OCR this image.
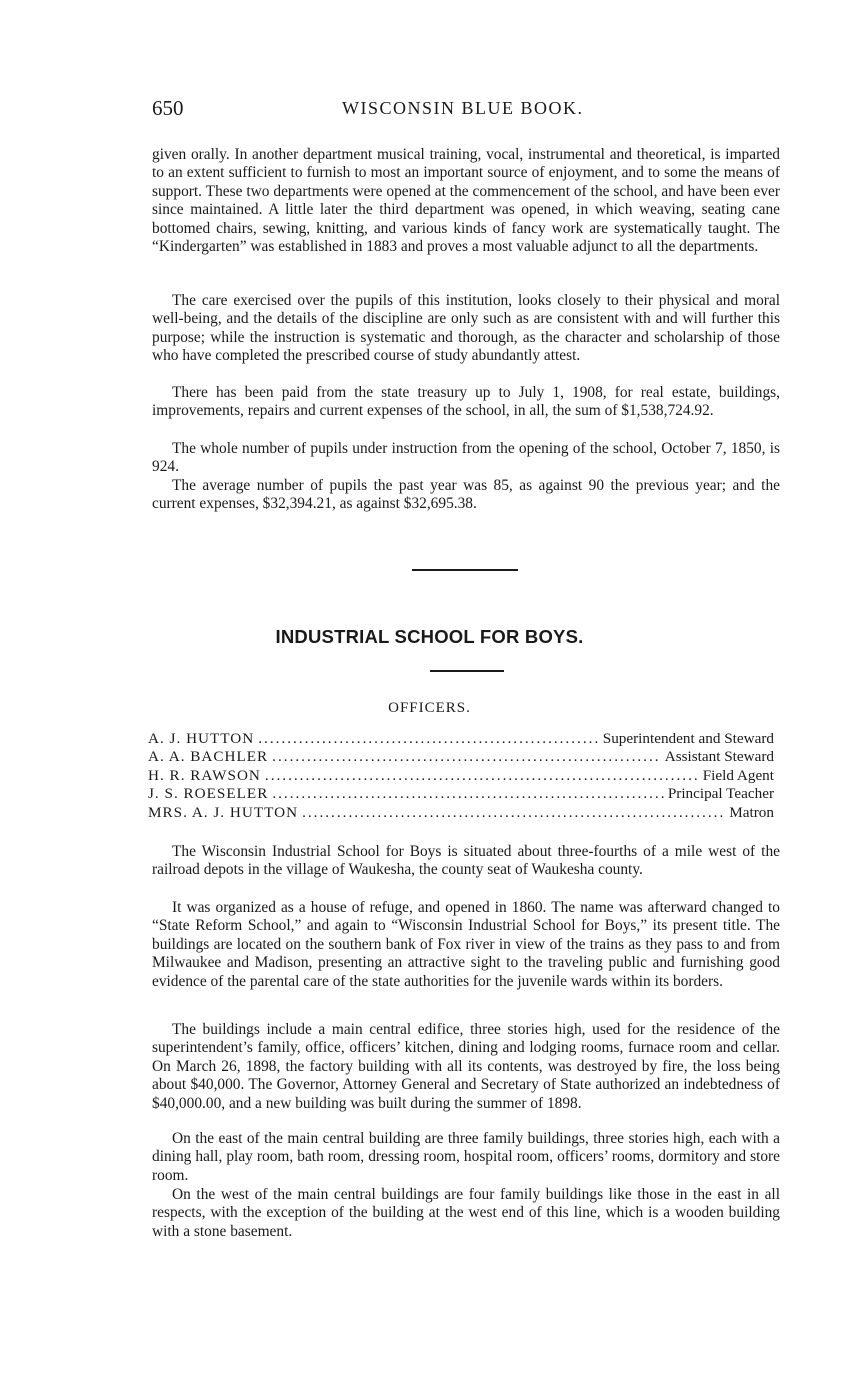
650	WISCONSIN BLUE BOOK.

given orally. In another department musical training, vocal, instrumental and theoretical, is imparted to an extent sufficient to furnish to most an important source of enjoyment, and to some the means of support. These two departments were opened at the commencement of the school, and have been ever since maintained. A little later the third department was opened, in which weaving, seating cane bottomed chairs, sewing, knitting, and various kinds of fancy work are systematically taught. The “Kindergarten” was established in 1883 and proves a most valuable adjunct to all the departments.

The care exercised over the pupils of this institution, looks closely to their physical and moral well-being, and the details of the discipline are only such as are consistent with and will further this purpose; while the instruction is systematic and thorough, as the character and scholarship of those who have completed the prescribed course of study abundantly attest.

There has been paid from the state treasury up to July 1, 1908, for real estate, buildings, improvements, repairs and current expenses of the school, in all, the sum of $1,538,724.92.

The whole number of pupils under instruction from the opening of the school, October 7, 1850, is 924.

The average number of pupils the past year was 85, as against 90 the previous year; and the current expenses, $32,394.21, as against $32,695.38.

INDUSTRIAL SCHOOL FOR BOYS.
OFFICERS.
A. J. HUTTON .....	Superintendent and Steward
A. A. BACHLER .....	Assistant Steward
H. R. RAWSON .....	Field Agent
J. S. ROESELER .....	Principal Teacher
MRS. A. J. HUTTON .....	Matron

The Wisconsin Industrial School for Boys is situated about three-fourths of a mile west of the railroad depots in the village of Waukesha, the county seat of Waukesha county.

It was organized as a house of refuge, and opened in 1860. The name was afterward changed to “State Reform School,” and again to “Wisconsin Industrial School for Boys,” its present title. The buildings are located on the southern bank of Fox river in view of the trains as they pass to and from Milwaukee and Madison, presenting an attractive sight to the traveling public and furnishing good evidence of the parental care of the state authorities for the juvenile wards within its borders.

The buildings include a main central edifice, three stories high, used for the residence of the superintendent’s family, office, officers’ kitchen, dining and lodging rooms, furnace room and cellar. On March 26, 1898, the factory building with all its contents, was destroyed by fire, the loss being about $40,000. The Governor, Attorney General and Secretary of State authorized an indebtedness of $40,000.00, and a new building was built during the summer of 1898.

On the east of the main central building are three family buildings, three stories high, each with a dining hall, play room, bath room, dressing room, hospital room, officers’ rooms, dormitory and store room.

On the west of the main central buildings are four family buildings like those in the east in all respects, with the exception of the building at the west end of this line, which is a wooden building with a stone basement.
